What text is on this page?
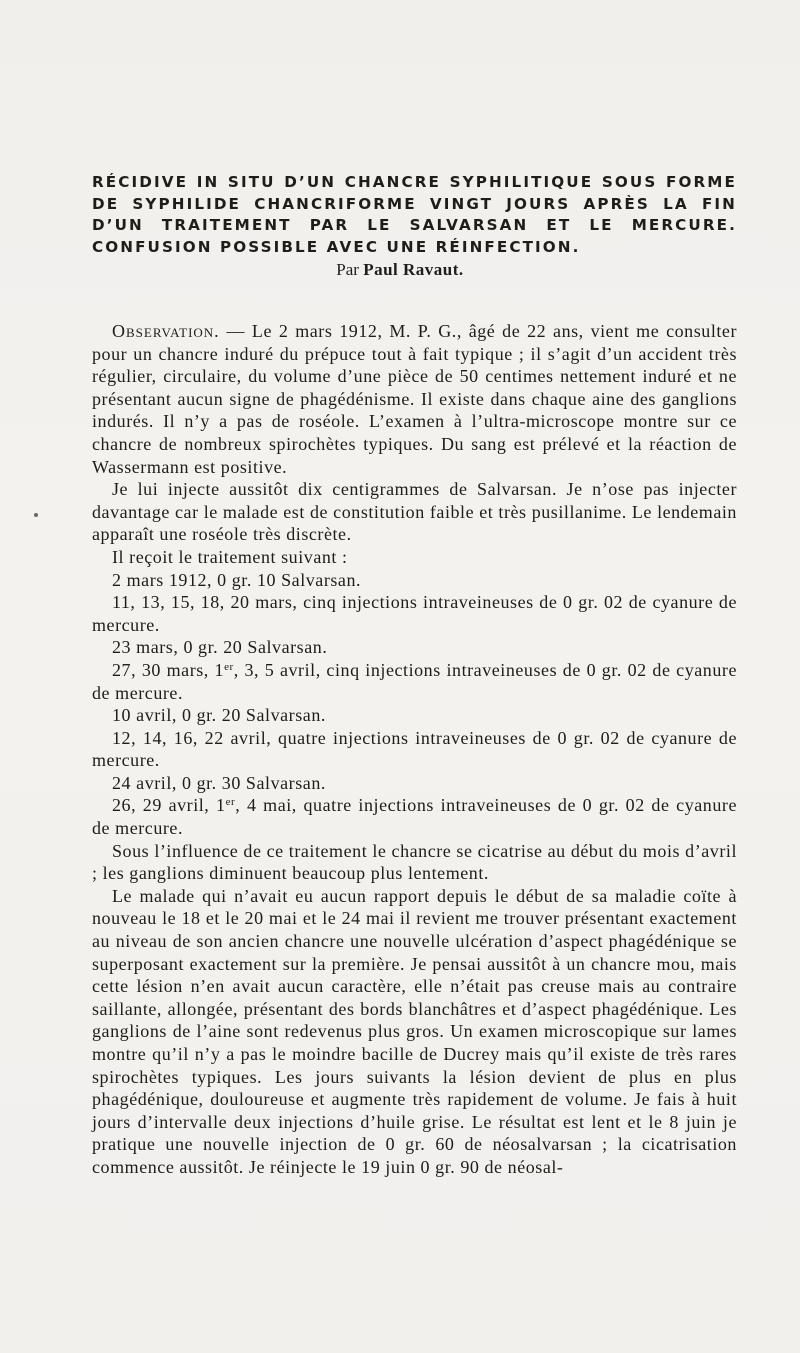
RÉCIDIVE IN SITU D’UN CHANCRE SYPHILITIQUE SOUS FORME
DE SYPHILIDE CHANCRIFORME VINGT JOURS APRÈS LA FIN
D’UN TRAITEMENT PAR LE SALVARSAN ET LE MERCURE.
CONFUSION POSSIBLE AVEC UNE RÉINFECTION.

Par Paul Ravaut.

Observation. — Le 2 mars 1912, M. P. G., âgé de 22 ans, vient me consulter pour un chancre induré du prépuce tout à fait typique ; il s’agit d’un accident très régulier, circulaire, du volume d’une pièce de 50 centimes nettement induré et ne présentant aucun signe de phagédénisme. Il existe dans chaque aine des ganglions indurés. Il n’y a pas de roséole. L’examen à l’ultra-microscope montre sur ce chancre de nombreux spirochètes typiques. Du sang est prélevé et la réaction de Wassermann est positive.

Je lui injecte aussitôt dix centigrammes de Salvarsan. Je n’ose pas injecter davantage car le malade est de constitution faible et très pusillanime. Le lendemain apparaît une roséole très discrète.

Il reçoit le traitement suivant :

2 mars 1912, 0 gr. 10 Salvarsan.

11, 13, 15, 18, 20 mars, cinq injections intraveineuses de 0 gr. 02 de cyanure de mercure.

23 mars, 0 gr. 20 Salvarsan.

27, 30 mars, 1er, 3, 5 avril, cinq injections intraveineuses de 0 gr. 02 de cyanure de mercure.

10 avril, 0 gr. 20 Salvarsan.

12, 14, 16, 22 avril, quatre injections intraveineuses de 0 gr. 02 de cyanure de mercure.

24 avril, 0 gr. 30 Salvarsan.

26, 29 avril, 1er, 4 mai, quatre injections intraveineuses de 0 gr. 02 de cyanure de mercure.

Sous l’influence de ce traitement le chancre se cicatrise au début du mois d’avril ; les ganglions diminuent beaucoup plus lentement.

Le malade qui n’avait eu aucun rapport depuis le début de sa maladie coïte à nouveau le 18 et le 20 mai et le 24 mai il revient me trouver présentant exactement au niveau de son ancien chancre une nouvelle ulcération d’aspect phagédénique se superposant exactement sur la première. Je pensai aussitôt à un chancre mou, mais cette lésion n’en avait aucun caractère, elle n’était pas creuse mais au contraire saillante, allongée, présentant des bords blanchâtres et d’aspect phagédénique. Les ganglions de l’aine sont redevenus plus gros. Un examen microscopique sur lames montre qu’il n’y a pas le moindre bacille de Ducrey mais qu’il existe de très rares spirochètes typiques. Les jours suivants la lésion devient de plus en plus phagédénique, douloureuse et augmente très rapidement de volume. Je fais à huit jours d’intervalle deux injections d’huile grise. Le résultat est lent et le 8 juin je pratique une nouvelle injection de 0 gr. 60 de néosalvarsan ; la cicatrisation commence aussitôt. Je réinjecte le 19 juin 0 gr. 90 de néosal-
